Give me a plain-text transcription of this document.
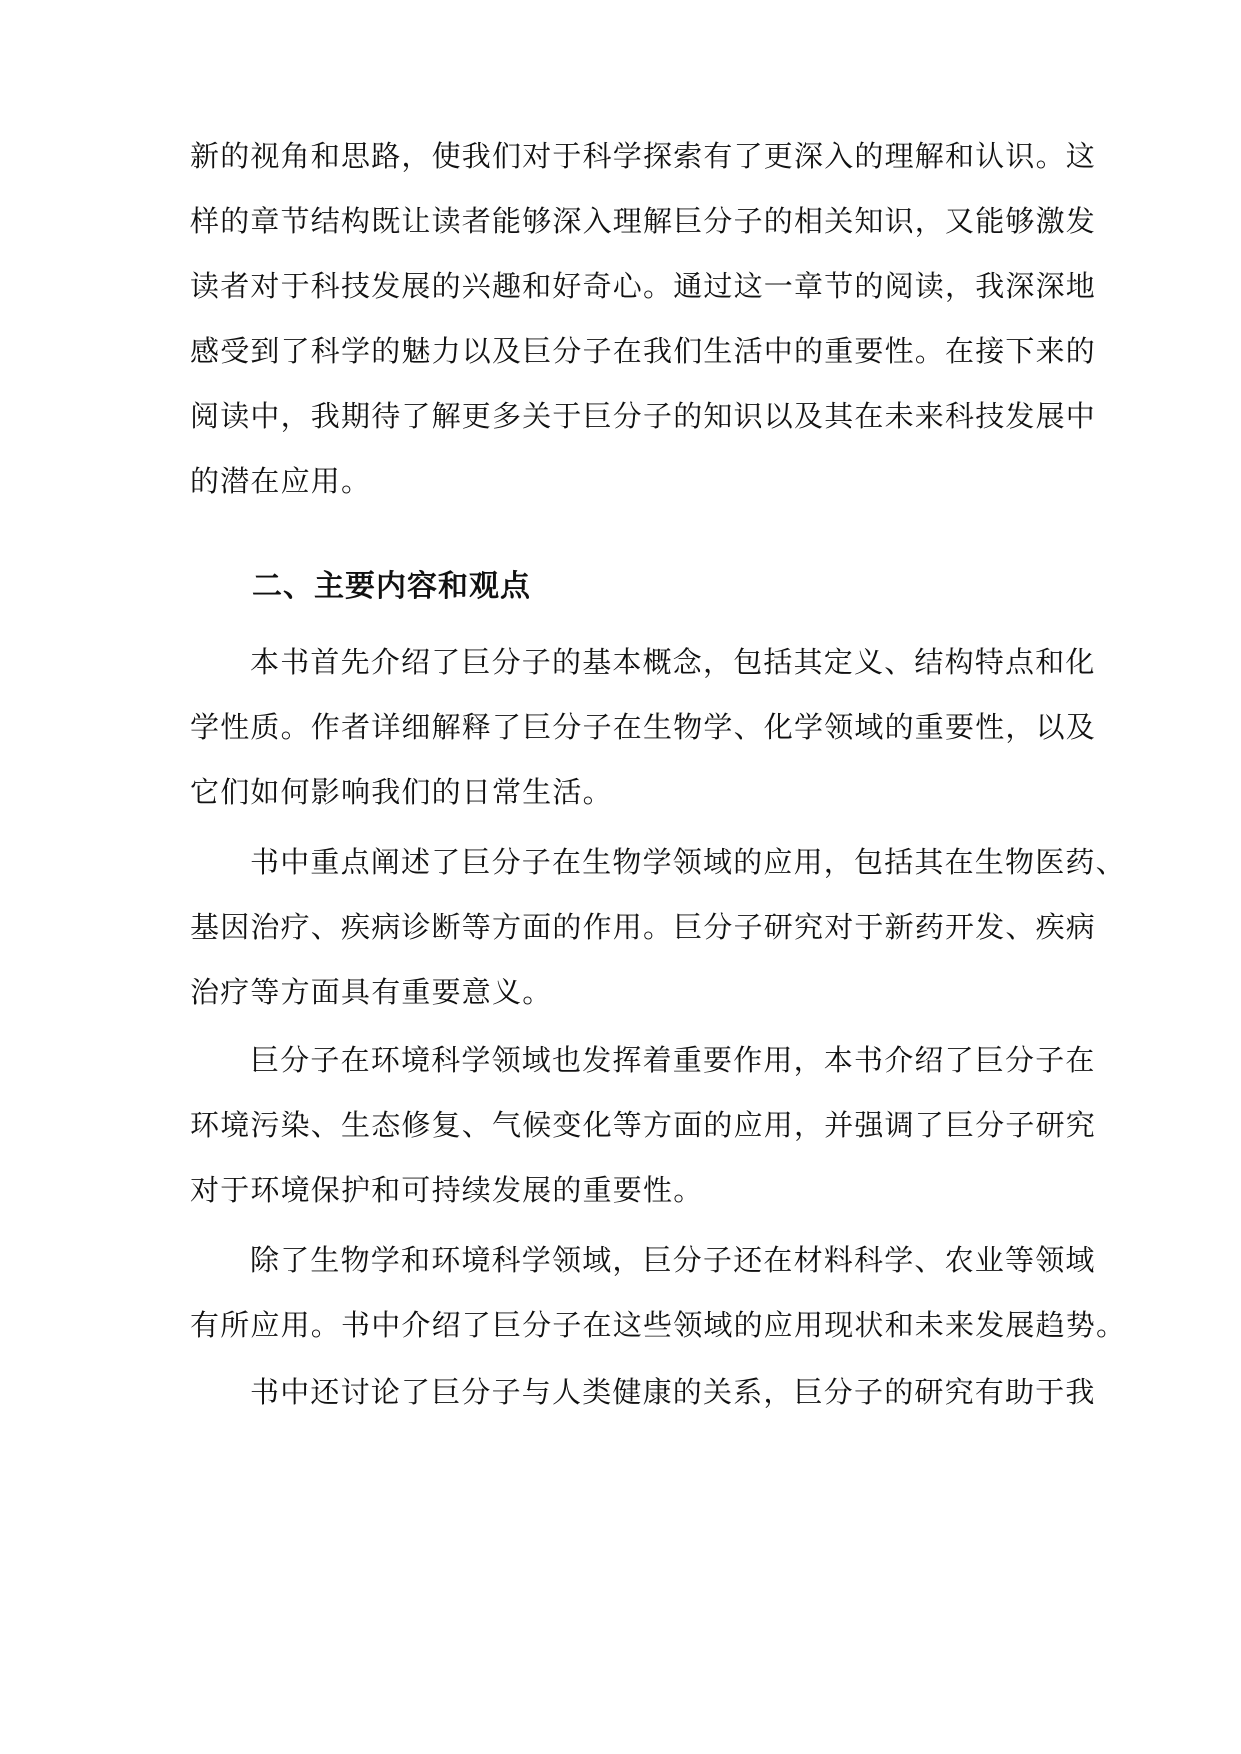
新的视角和思路，使我们对于科学探索有了更深入的理解和认识。这
样的章节结构既让读者能够深入理解巨分子的相关知识，又能够激发
读者对于科技发展的兴趣和好奇心。通过这一章节的阅读，我深深地
感受到了科学的魅力以及巨分子在我们生活中的重要性。在接下来的
阅读中，我期待了解更多关于巨分子的知识以及其在未来科技发展中
的潜在应用。
二、主要内容和观点
本书首先介绍了巨分子的基本概念，包括其定义、结构特点和化
学性质。作者详细解释了巨分子在生物学、化学领域的重要性，以及
它们如何影响我们的日常生活。
书中重点阐述了巨分子在生物学领域的应用，包括其在生物医药、
基因治疗、疾病诊断等方面的作用。巨分子研究对于新药开发、疾病
治疗等方面具有重要意义。
巨分子在环境科学领域也发挥着重要作用，本书介绍了巨分子在
环境污染、生态修复、气候变化等方面的应用，并强调了巨分子研究
对于环境保护和可持续发展的重要性。
除了生物学和环境科学领域，巨分子还在材料科学、农业等领域
有所应用。书中介绍了巨分子在这些领域的应用现状和未来发展趋势。
书中还讨论了巨分子与人类健康的关系，巨分子的研究有助于我
